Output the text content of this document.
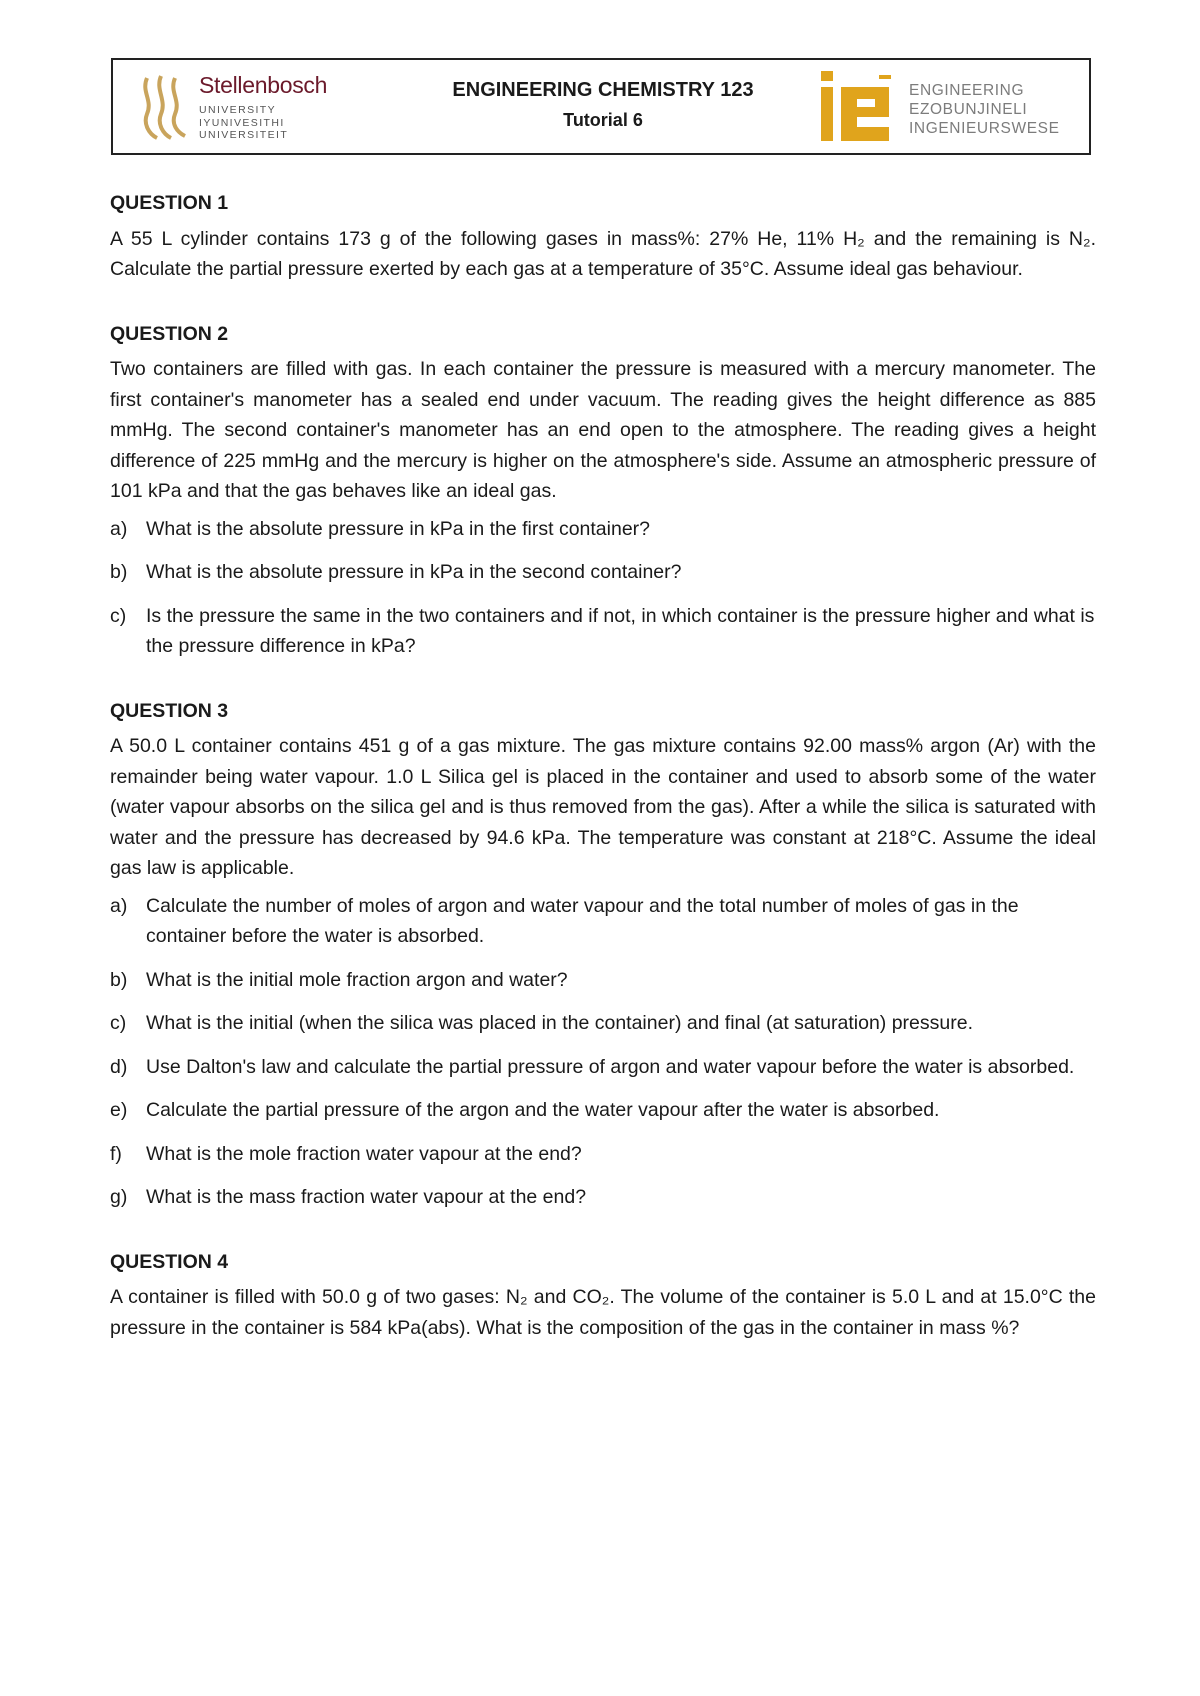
Stellenbosch
UNIVERSITY
IYUNIVESITHI
UNIVERSITEIT
ENGINEERING CHEMISTRY 123
Tutorial 6
ENGINEERING
EZOBUNJINELI
INGENIEURSWESE
QUESTION 1

A 55 L cylinder contains 173 g of the following gases in mass%: 27% He, 11% H₂ and the remaining is N₂. Calculate the partial pressure exerted by each gas at a temperature of 35°C. Assume ideal gas behaviour.

QUESTION 2

Two containers are filled with gas. In each container the pressure is measured with a mercury manometer. The first container's manometer has a sealed end under vacuum. The reading gives the height difference as 885 mmHg. The second container's manometer has an end open to the atmosphere. The reading gives a height difference of 225 mmHg and the mercury is higher on the atmosphere's side. Assume an atmospheric pressure of 101 kPa and that the gas behaves like an ideal gas.

a) What is the absolute pressure in kPa in the first container?
b) What is the absolute pressure in kPa in the second container?
c) Is the pressure the same in the two containers and if not, in which container is the pressure higher and what is the pressure difference in kPa?
QUESTION 3

A 50.0 L container contains 451 g of a gas mixture. The gas mixture contains 92.00 mass% argon (Ar) with the remainder being water vapour. 1.0 L Silica gel is placed in the container and used to absorb some of the water (water vapour absorbs on the silica gel and is thus removed from the gas). After a while the silica is saturated with water and the pressure has decreased by 94.6 kPa. The temperature was constant at 218°C. Assume the ideal gas law is applicable.

a) Calculate the number of moles of argon and water vapour and the total number of moles of gas in the container before the water is absorbed.
b) What is the initial mole fraction argon and water?
c) What is the initial (when the silica was placed in the container) and final (at saturation) pressure.
d) Use Dalton's law and calculate the partial pressure of argon and water vapour before the water is absorbed.
e) Calculate the partial pressure of the argon and the water vapour after the water is absorbed.
f) What is the mole fraction water vapour at the end?
g) What is the mass fraction water vapour at the end?
QUESTION 4

A container is filled with 50.0 g of two gases: N₂ and CO₂. The volume of the container is 5.0 L and at 15.0°C the pressure in the container is 584 kPa(abs). What is the composition of the gas in the container in mass %?
